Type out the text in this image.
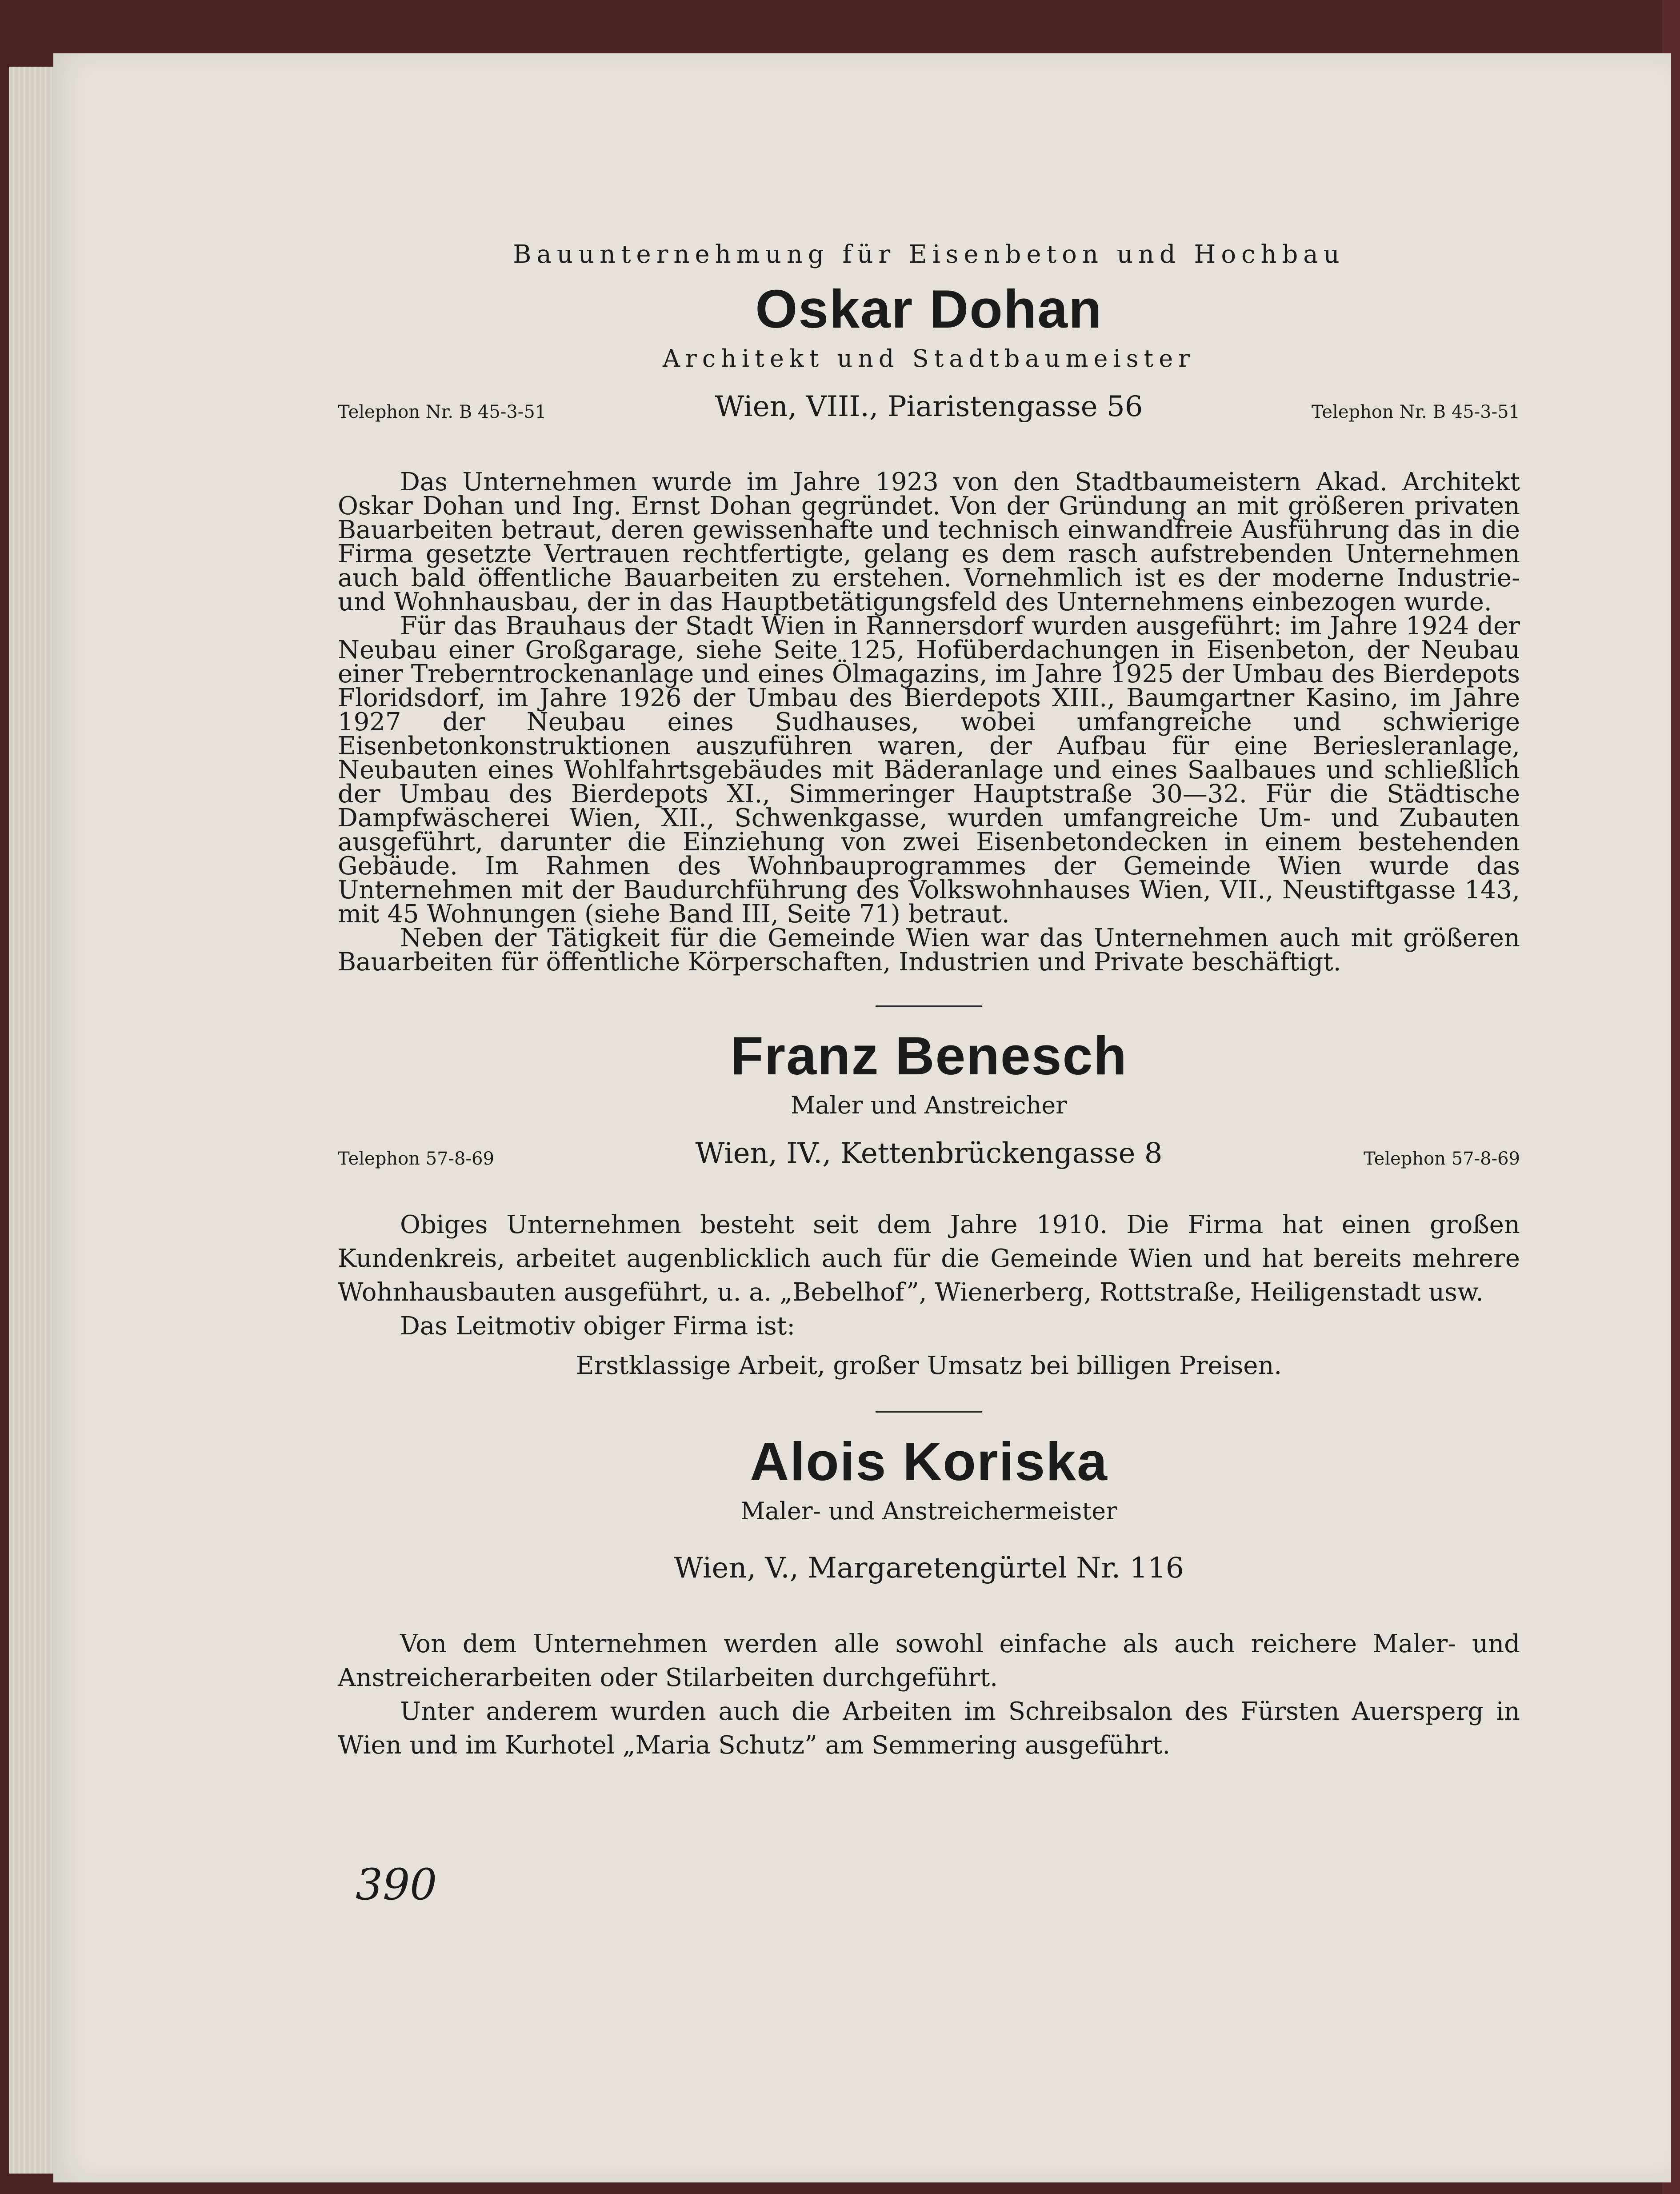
Bauunternehmung für Eisenbeton und Hochbau

Oskar Dohan

Architekt und Stadtbaumeister

Telephon Nr. B 45-3-51	Wien, VIII., Piaristengasse 56	Telephon Nr. B 45-3-51

Das Unternehmen wurde im Jahre 1923 von den Stadtbaumeistern Akad. Architekt Oskar Dohan und Ing. Ernst Dohan gegründet. Von der Gründung an mit größeren privaten Bauarbeiten betraut, deren gewissenhafte und technisch einwandfreie Ausführung das in die Firma gesetzte Vertrauen rechtfertigte, gelang es dem rasch aufstrebenden Unternehmen auch bald öffentliche Bauarbeiten zu erstehen. Vornehmlich ist es der moderne Industrie- und Wohnhausbau, der in das Hauptbetätigungsfeld des Unternehmens einbezogen wurde.

Für das Brauhaus der Stadt Wien in Rannersdorf wurden ausgeführt: im Jahre 1924 der Neubau einer Großgarage, siehe Seite 125, Hofüberdachungen in Eisenbeton, der Neubau einer Treberntrockenanlage und eines Ölmagazins, im Jahre 1925 der Umbau des Bierdepots Floridsdorf, im Jahre 1926 der Umbau des Bierdepots XIII., Baumgartner Kasino, im Jahre 1927 der Neubau eines Sudhauses, wobei umfangreiche und schwierige Eisenbetonkonstruktionen auszuführen waren, der Aufbau für eine Berieslеranlage, Neubauten eines Wohlfahrtsgebäudes mit Bäderanlage und eines Saalbaues und schließlich der Umbau des Bierdepots XI., Simmeringer Hauptstraße 30—32. Für die Städtische Dampfwäscherei Wien, XII., Schwenkgasse, wurden umfangreiche Um- und Zubauten ausgeführt, darunter die Einziehung von zwei Eisenbetondecken in einem bestehenden Gebäude. Im Rahmen des Wohnbauprogrammes der Gemeinde Wien wurde das Unternehmen mit der Baudurchführung des Volkswohnhauses Wien, VII., Neustiftgasse 143, mit 45 Wohnungen (siehe Band III, Seite 71) betraut.

Neben der Tätigkeit für die Gemeinde Wien war das Unternehmen auch mit größeren Bauarbeiten für öffentliche Körperschaften, Industrien und Private beschäftigt.

Franz Benesch

Maler und Anstreicher

Telephon 57-8-69	Wien, IV., Kettenbrückengasse 8	Telephon 57-8-69

Obiges Unternehmen besteht seit dem Jahre 1910. Die Firma hat einen großen Kundenkreis, arbeitet augenblicklich auch für die Gemeinde Wien und hat bereits mehrere Wohnhausbauten ausgeführt, u. a. „Bebelhof”, Wienerberg, Rottstraße, Heiligenstadt usw.

Das Leitmotiv obiger Firma ist:

Erstklassige Arbeit, großer Umsatz bei billigen Preisen.
Alois Koriska

Maler- und Anstreichermeister

Wien, V., Margaretengürtel Nr. 116

Von dem Unternehmen werden alle sowohl einfache als auch reichere Maler- und Anstreicherarbeiten oder Stilarbeiten durchgeführt.

Unter anderem wurden auch die Arbeiten im Schreibsalon des Fürsten Auersperg in Wien und im Kurhotel „Maria Schutz” am Semmering ausgeführt.

390
